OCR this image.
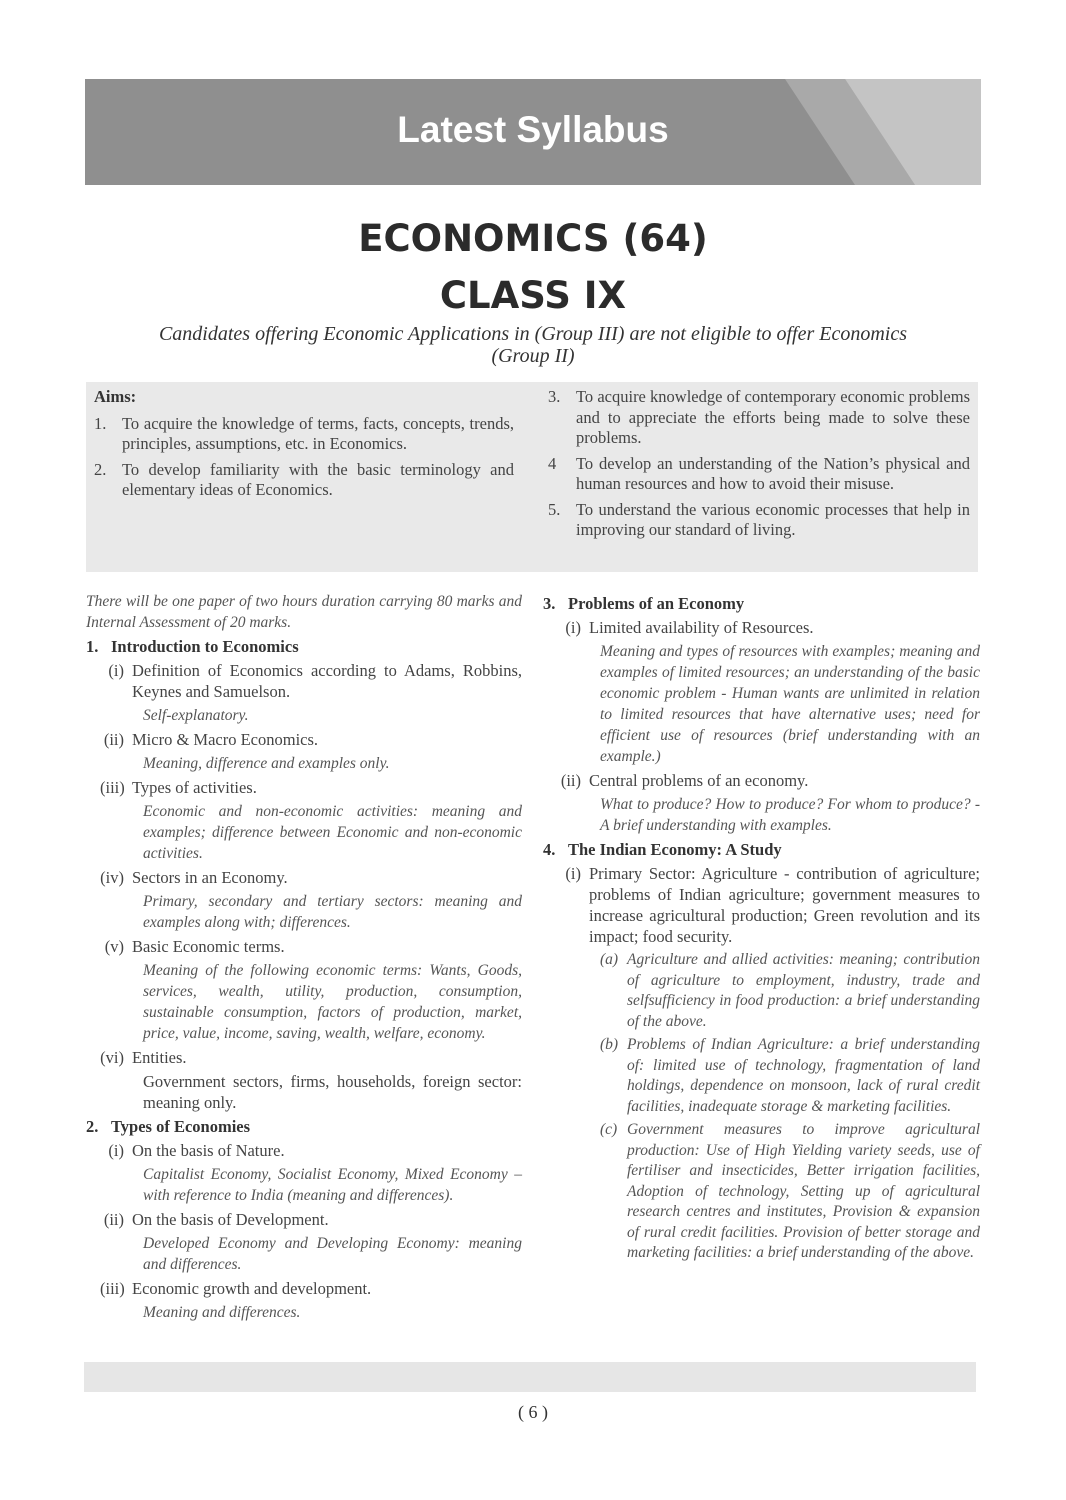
Latest Syllabus
ECONOMICS (64)
CLASS IX
Candidates offering Economic Applications in (Group III) are not eligible to offer Economics (Group II)
Aims:
1. To acquire the knowledge of terms, facts, concepts, trends, principles, assumptions, etc. in Economics.
2. To develop familiarity with the basic terminology and elementary ideas of Economics.
3. To acquire knowledge of contemporary economic problems and to appreciate the efforts being made to solve these problems.
4	To develop an understanding of the Nation’s physical and human resources and how to avoid their misuse.
5. To understand the various economic processes that help in improving our standard of living.
There will be one paper of two hours duration carrying 80 marks and Internal Assessment of 20 marks.
1. Introduction to Economics
(i) Definition of Economics according to Adams, Robbins, Keynes and Samuelson.
Self-explanatory.
(ii) Micro & Macro Economics.
Meaning, difference and examples only.
(iii) Types of activities.
Economic and non-economic activities: meaning and examples; difference between Economic and non-economic activities.
(iv) Sectors in an Economy.
Primary, secondary and tertiary sectors: meaning and examples along with; differences.
(v) Basic Economic terms.
Meaning of the following economic terms: Wants, Goods, services, wealth, utility, production, consumption, sustainable consumption, factors of production, market, price, value, income, saving, wealth, welfare, economy.
(vi) Entities.
Government sectors, firms, households, foreign sector: meaning only.
2. Types of Economies
(i) On the basis of Nature.
Capitalist Economy, Socialist Economy, Mixed Economy – with reference to India (meaning and differences).
(ii) On the basis of Development.
Developed Economy and Developing Economy: meaning and differences.
(iii) Economic growth and development.
Meaning and differences.
3. Problems of an Economy
(i) Limited availability of Resources.
Meaning and types of resources with examples; meaning and examples of limited resources; an understanding of the basic economic problem - Human wants are unlimited in relation to limited resources that have alternative uses; need for efficient use of resources (brief understanding with an example.)
(ii) Central problems of an economy.
What to produce? How to produce? For whom to produce? - A brief understanding with examples.
4. The Indian Economy: A Study
(i) Primary Sector: Agriculture - contribution of agriculture; problems of Indian agriculture; government measures to increase agricultural production; Green revolution and its impact; food security.
(a) Agriculture and allied activities: meaning; contribution of agriculture to employment, industry, trade and selfsufficiency in food production: a brief understanding of the above.
(b) Problems of Indian Agriculture: a brief understanding of: limited use of technology, fragmentation of land holdings, dependence on monsoon, lack of rural credit facilities, inadequate storage & marketing facilities.
(c) Government measures to improve agricultural production: Use of High Yielding variety seeds, use of fertiliser and insecticides, Better irrigation facilities, Adoption of technology, Setting up of agricultural research centres and institutes, Provision & expansion of rural credit facilities. Provision of better storage and marketing facilities: a brief understanding of the above.
( 6 )
